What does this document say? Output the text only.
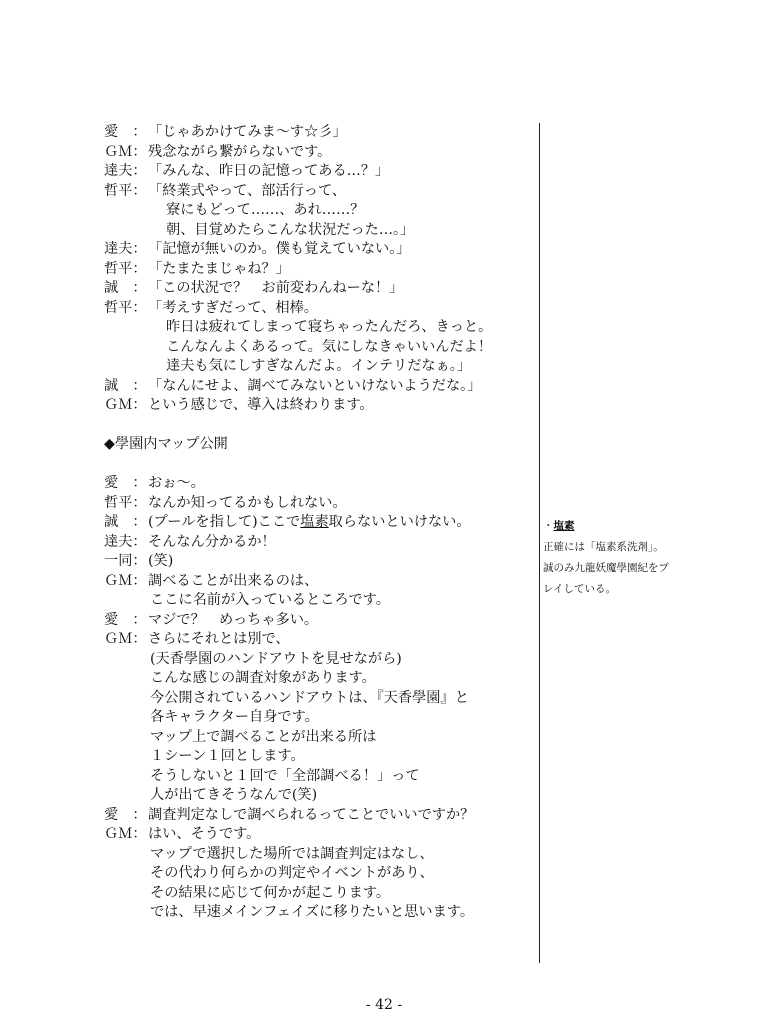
愛　： 「じゃあかけてみま～す☆彡」
ＧＭ： 残念ながら繋がらないです。
達夫： 「みんな、昨日の記憶ってある…？」
哲平： 「終業式やって、部活行って、
寮にもどって……、あれ……？
朝、目覚めたらこんな状況だった…。」
達夫： 「記憶が無いのか。僕も覚えていない。」
哲平： 「たまたまじゃね？」
誠　： 「この状況で？　お前変わんねーな！」
哲平： 「考えすぎだって、相棒。
昨日は疲れてしまって寝ちゃったんだろ、きっと。
こんなんよくあるって。気にしなきゃいいんだよ！
達夫も気にしすぎなんだよ。インテリだなぁ。」
誠　： 「なんにせよ、調べてみないといけないようだな。」
ＧＭ： という感じで、導入は終わります。
◆學園内マップ公開
愛　： おぉ～。
哲平： なんか知ってるかもしれない。
誠　： (プールを指して)ここで塩素取らないといけない。
達夫： そんなん分かるか！
一同： (笑)
ＧＭ： 調べることが出来るのは、
ここに名前が入っているところです。
愛　： マジで？　めっちゃ多い。
ＧＭ： さらにそれとは別で、
(天香學園のハンドアウトを見せながら)
こんな感じの調査対象があります。
今公開されているハンドアウトは、『天香學園』と
各キャラクター自身です。
マップ上で調べることが出来る所は
１シーン１回とします。
そうしないと１回で「全部調べる！」って
人が出てきそうなんで(笑)
愛　： 調査判定なしで調べられるってことでいいですか？
ＧＭ： はい、そうです。
マップで選択した場所では調査判定はなし、
その代わり何らかの判定やイベントがあり、
その結果に応じて何かが起こります。
では、早速メインフェイズに移りたいと思います。
・塩素
正確には「塩素系洗剤」。
誠のみ九龍妖魔學園紀をプ
レイしている。
- 42 -
